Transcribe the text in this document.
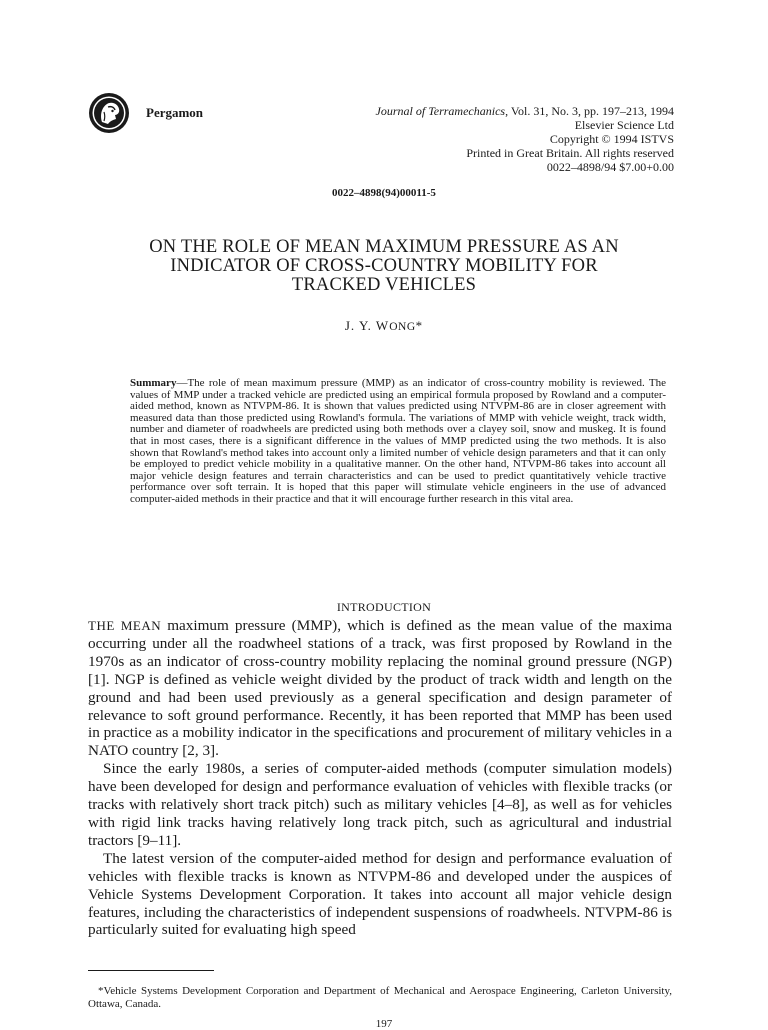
Pergamon	Journal of Terramechanics, Vol. 31, No. 3, pp. 197–213, 1994
Elsevier Science Ltd
Copyright © 1994 ISTVS
Printed in Great Britain. All rights reserved
0022–4898/94 $7.00+0.00
0022–4898(94)00011-5
ON THE ROLE OF MEAN MAXIMUM PRESSURE AS AN
INDICATOR OF CROSS-COUNTRY MOBILITY FOR
TRACKED VEHICLES
J. Y. WONG*
Summary—The role of mean maximum pressure (MMP) as an indicator of cross-country mobility is reviewed. The values of MMP under a tracked vehicle are predicted using an empirical formula proposed by Rowland and a computer-aided method, known as NTVPM-86. It is shown that values predicted using NTVPM-86 are in closer agreement with measured data than those predicted using Rowland's formula. The variations of MMP with vehicle weight, track width, number and diameter of roadwheels are predicted using both methods over a clayey soil, snow and muskeg. It is found that in most cases, there is a significant difference in the values of MMP predicted using the two methods. It is also shown that Rowland's method takes into account only a limited number of vehicle design parameters and that it can only be employed to predict vehicle mobility in a qualitative manner. On the other hand, NTVPM-86 takes into account all major vehicle design features and terrain characteristics and can be used to predict quantitatively vehicle tractive performance over soft terrain. It is hoped that this paper will stimulate vehicle engineers in the use of advanced computer-aided methods in their practice and that it will encourage further research in this vital area.
INTRODUCTION

THE MEAN maximum pressure (MMP), which is defined as the mean value of the maxima occurring under all the roadwheel stations of a track, was first proposed by Rowland in the 1970s as an indicator of cross-country mobility replacing the nominal ground pressure (NGP) [1]. NGP is defined as vehicle weight divided by the product of track width and length on the ground and had been used previously as a general specification and design parameter of relevance to soft ground performance. Recently, it has been reported that MMP has been used in practice as a mobility indicator in the specifications and procurement of military vehicles in a NATO country [2, 3].

Since the early 1980s, a series of computer-aided methods (computer simulation models) have been developed for design and performance evaluation of vehicles with flexible tracks (or tracks with relatively short track pitch) such as military vehicles [4–8], as well as for vehicles with rigid link tracks having relatively long track pitch, such as agricultural and industrial tractors [9–11].

The latest version of the computer-aided method for design and performance evaluation of vehicles with flexible tracks is known as NTVPM-86 and developed under the auspices of Vehicle Systems Development Corporation. It takes into account all major vehicle design features, including the characteristics of independent suspensions of roadwheels. NTVPM-86 is particularly suited for evaluating high speed

*Vehicle Systems Development Corporation and Department of Mechanical and Aerospace Engineering, Carleton University, Ottawa, Canada.

197
